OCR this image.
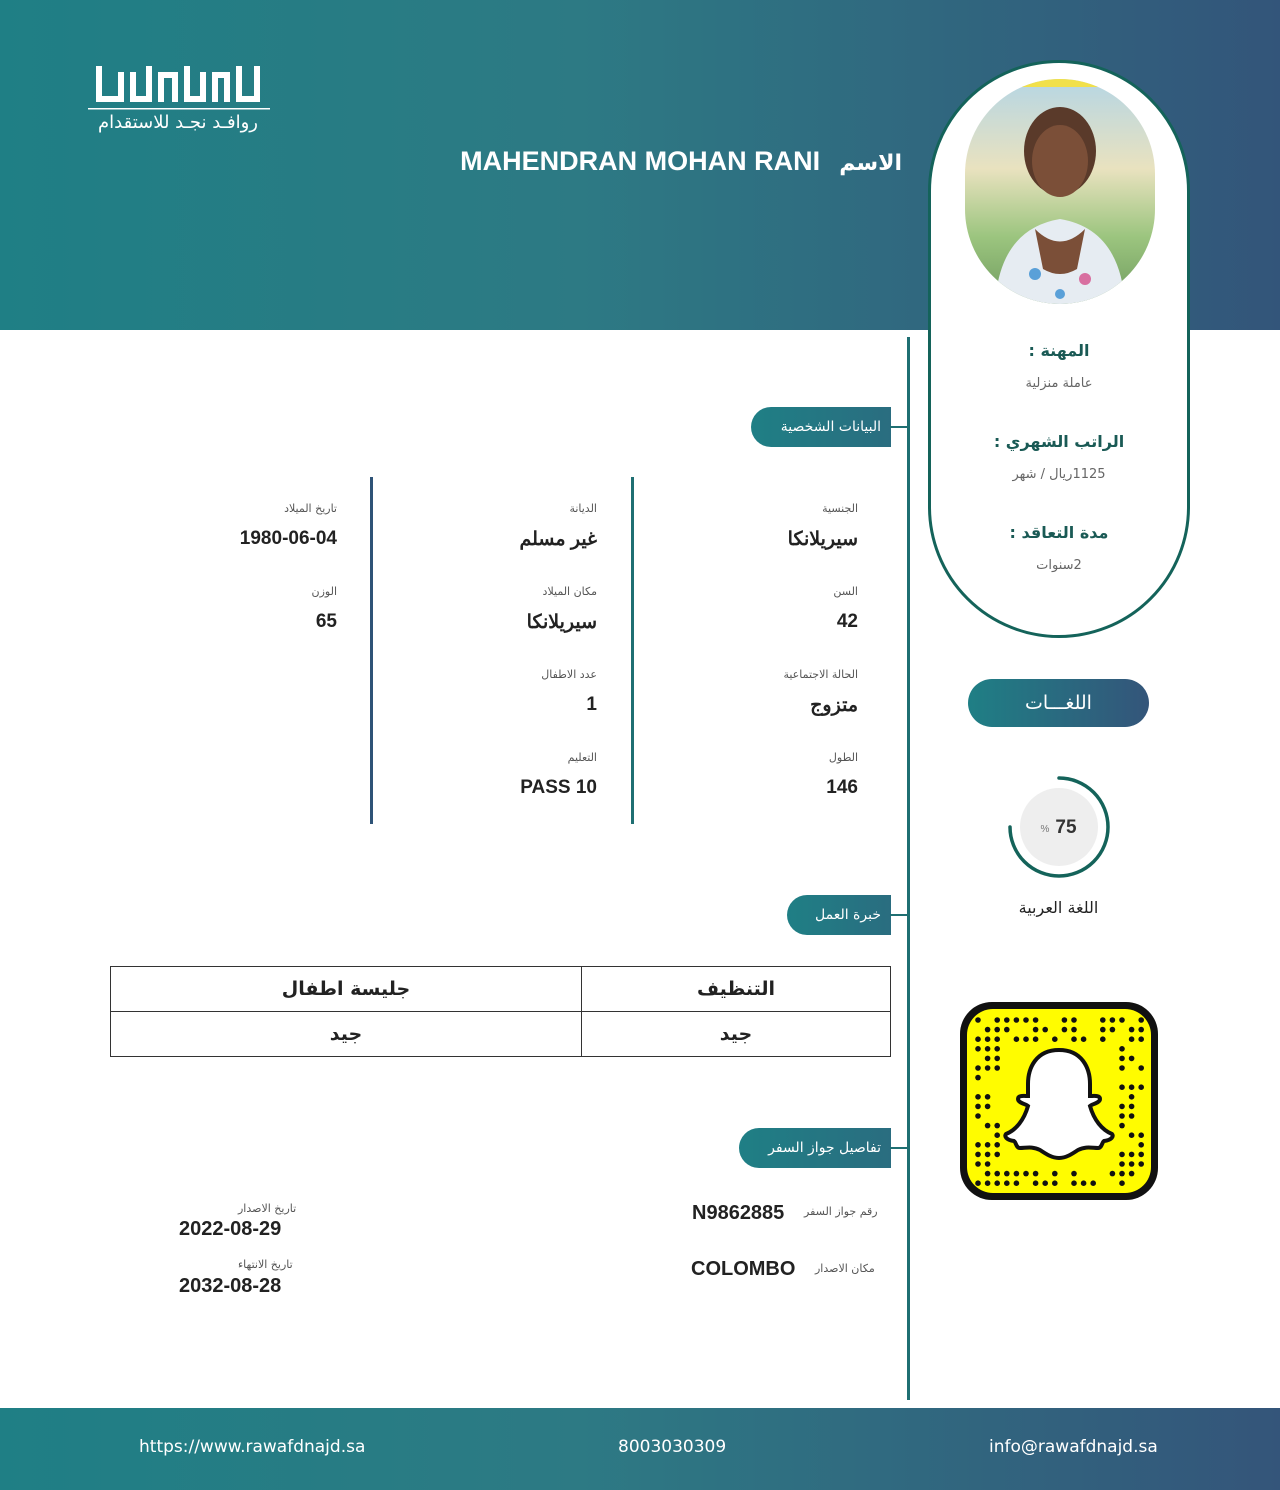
روافـد نجـد للاستقدام
الاسم MAHENDRAN MOHAN RANI
المهنة :
عاملة منزلية
الراتب الشهري :
1125ريال / شهر
مدة التعاقد :
2سنوات
اللغـــات
75
%
اللغة العربية
البيانات الشخصية
الجنسية
سيريلانكا
الديانة
غير مسلم
تاريخ الميلاد
1980-06-04
السن
42
مكان الميلاد
سيريلانكا
الوزن
65
الحالة الاجتماعية
متزوج
عدد الاطفال
1
الطول
146
التعليم
PASS 10
خبرة العمل
جليسة اطفال	التنظيف
جيد	جيد
تفاصيل جواز السفر
رقم جواز السفر
N9862885
مكان الاصدار
COLOMBO
تاريخ الاصدار
2022-08-29
تاريخ الانتهاء
2032-08-28
https://www.rawafdnajd.sa	8003030309	info@rawafdnajd.sa
